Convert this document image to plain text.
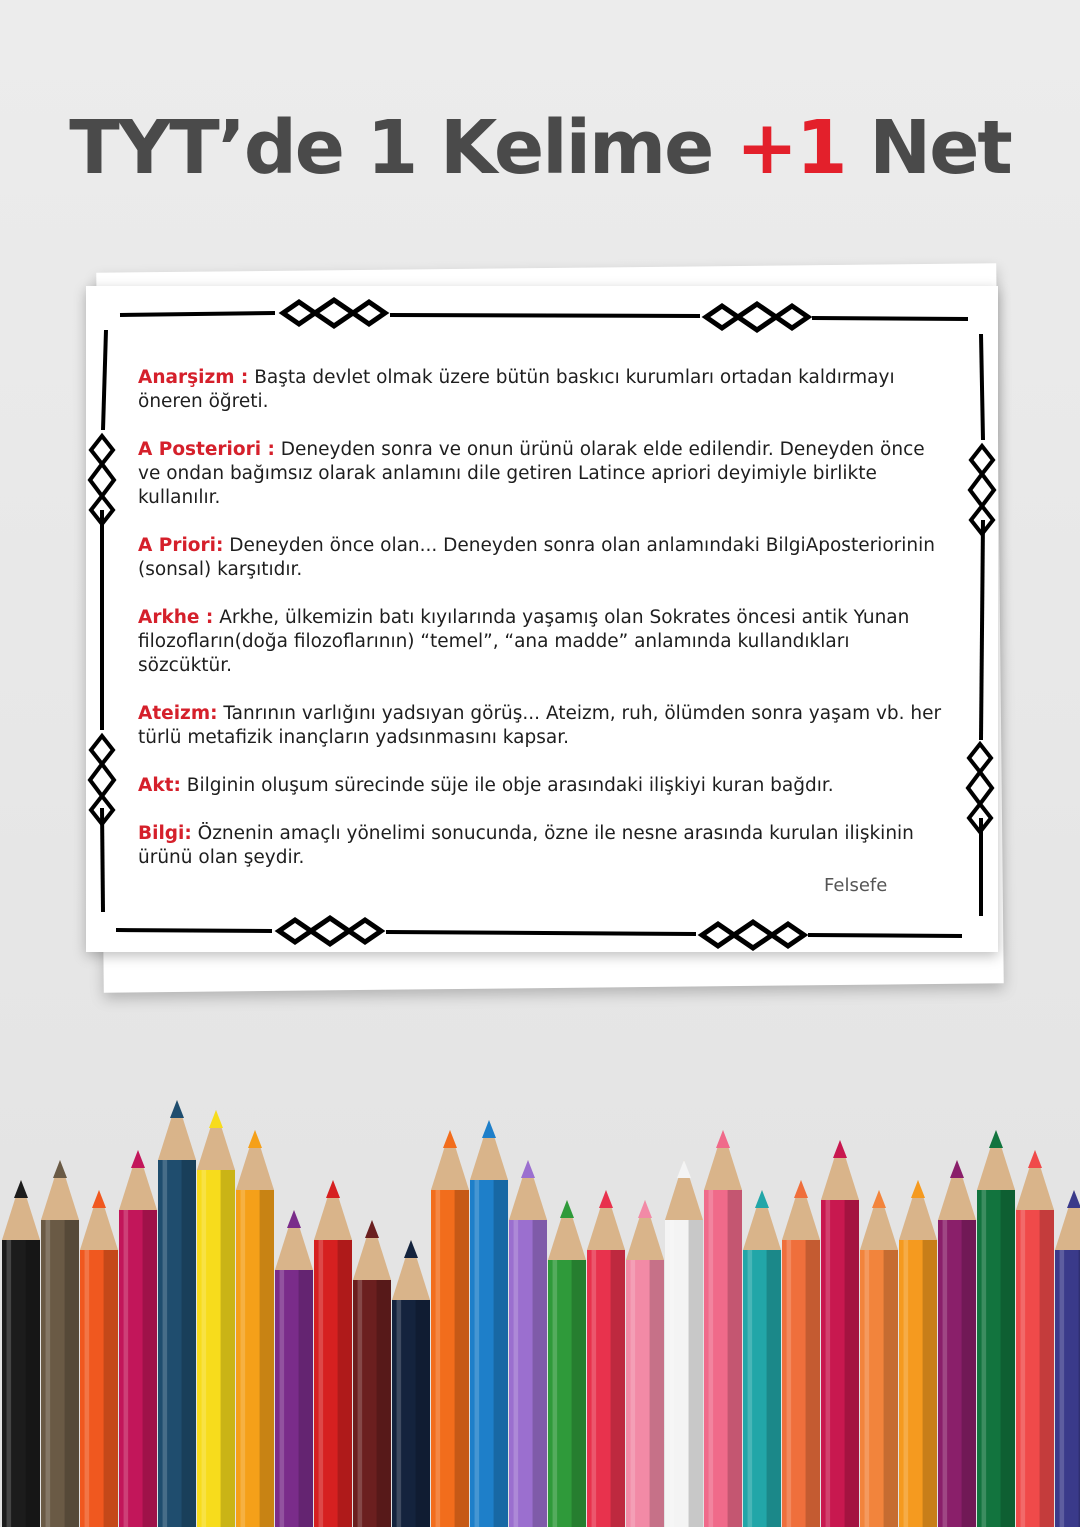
TYT’de 1 Kelime +1 Net

Anarşizm : Başta devlet olmak üzere bütün baskıcı kurumları ortadan kaldırmayı öneren öğreti.

A Posteriori : Deneyden sonra ve onun ürünü olarak elde edilendir. Deneyden önce ve ondan bağımsız olarak anlamını dile getiren Latince apriori deyimiyle birlikte kullanılır.

A Priori: Deneyden önce olan... Deneyden sonra olan anlamındaki BilgiAposteriorinin (sonsal) karşıtıdır.

Arkhe : Arkhe, ülkemizin batı kıyılarında yaşamış olan Sokrates öncesi antik Yunan filozofların(doğa filozoflarının) “temel”, “ana madde” anlamında kullandıkları sözcüktür.

Ateizm: Tanrının varlığını yadsıyan görüş... Ateizm, ruh, ölümden sonra yaşam vb. her türlü metafizik inançların yadsınmasını kapsar.

Akt: Bilginin oluşum sürecinde süje ile obje arasındaki ilişkiyi kuran bağdır.

Bilgi: Öznenin amaçlı yönelimi sonucunda, özne ile nesne arasında kurulan ilişkinin ürünü olan şeydir.

Felsefe
